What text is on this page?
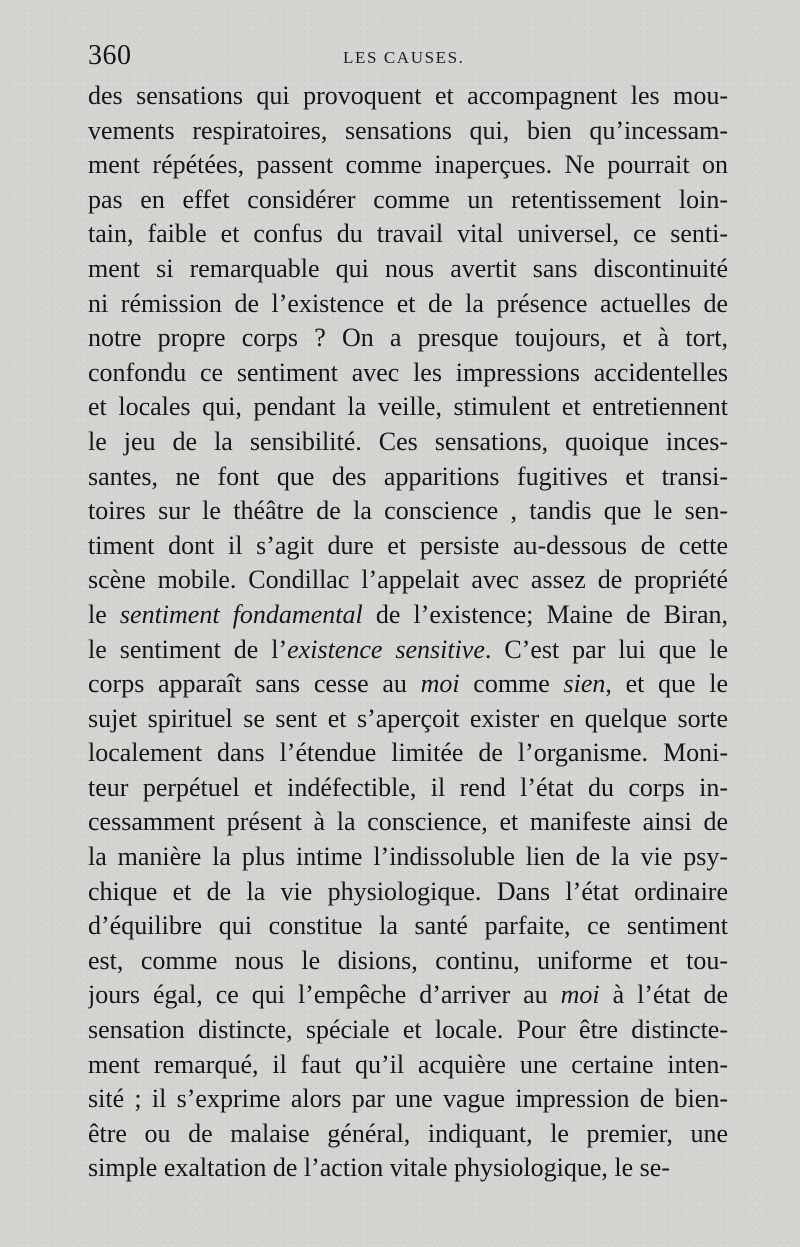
360	LES CAUSES.
des sensations qui provoquent et accompagnent les mou-
vements respiratoires, sensations qui, bien qu’incessam-
ment répétées, passent comme inaperçues. Ne pourrait on
pas en effet considérer comme un retentissement loin-
tain, faible et confus du travail vital universel, ce senti-
ment si remarquable qui nous avertit sans discontinuité
ni rémission de l’existence et de la présence actuelles de
notre propre corps ? On a presque toujours, et à tort,
confondu ce sentiment avec les impressions accidentelles
et locales qui, pendant la veille, stimulent et entretiennent
le jeu de la sensibilité. Ces sensations, quoique inces-
santes, ne font que des apparitions fugitives et transi-
toires sur le théâtre de la conscience , tandis que le sen-
timent dont il s’agit dure et persiste au-dessous de cette
scène mobile. Condillac l’appelait avec assez de propriété
le sentiment fondamental de l’existence; Maine de Biran,
le sentiment de l’existence sensitive. C’est par lui que le
corps apparaît sans cesse au moi comme sien, et que le
sujet spirituel se sent et s’aperçoit exister en quelque sorte
localement dans l’étendue limitée de l’organisme. Moni-
teur perpétuel et indéfectible, il rend l’état du corps in-
cessamment présent à la conscience, et manifeste ainsi de
la manière la plus intime l’indissoluble lien de la vie psy-
chique et de la vie physiologique. Dans l’état ordinaire
d’équilibre qui constitue la santé parfaite, ce sentiment
est, comme nous le disions, continu, uniforme et tou-
jours égal, ce qui l’empêche d’arriver au moi à l’état de
sensation distincte, spéciale et locale. Pour être distincte-
ment remarqué, il faut qu’il acquière une certaine inten-
sité ; il s’exprime alors par une vague impression de bien-
être ou de malaise général, indiquant, le premier, une
simple exaltation de l’action vitale physiologique, le se-
